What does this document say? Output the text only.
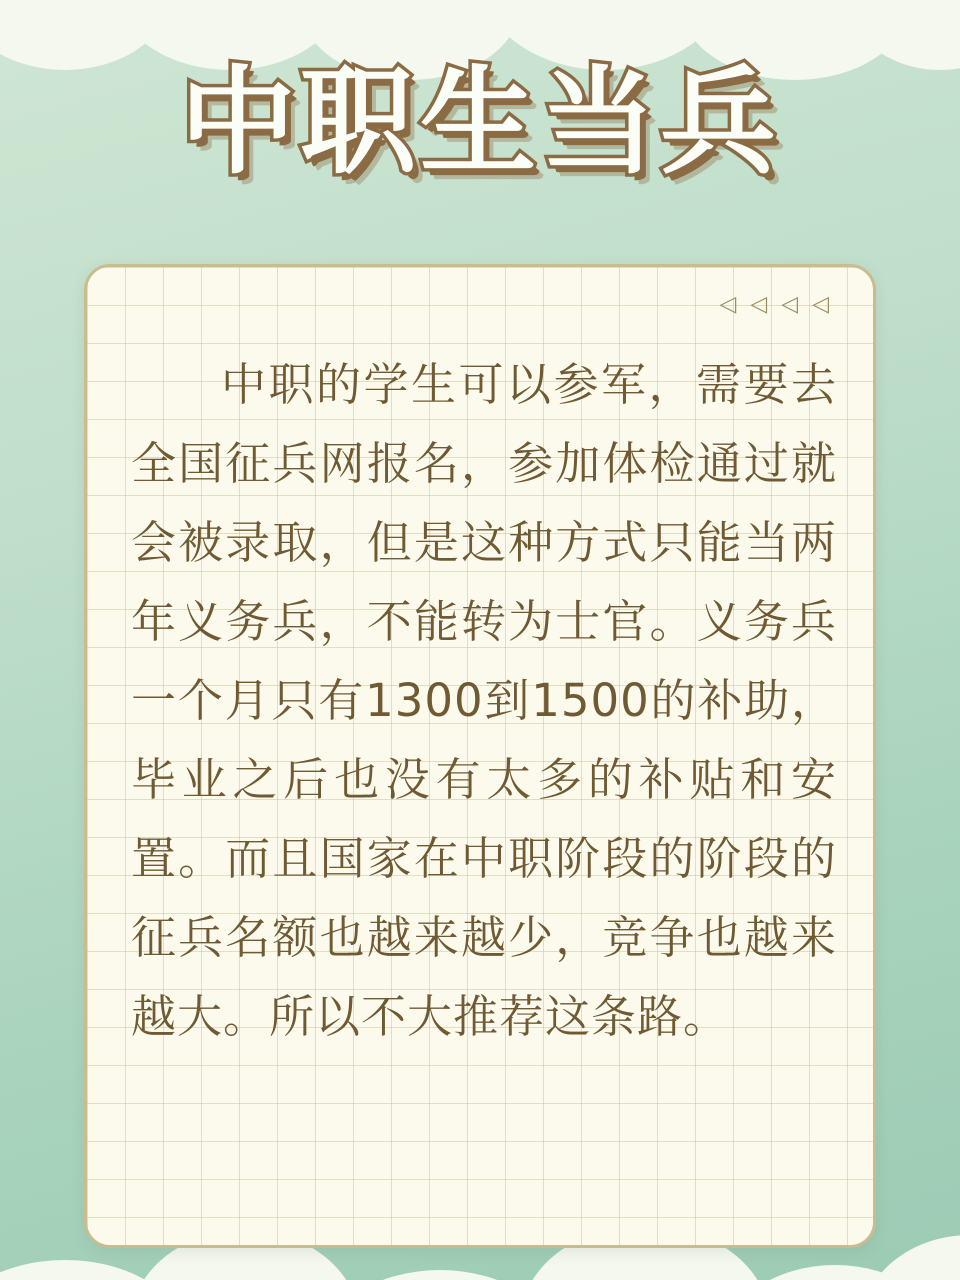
中职生当兵
◁ ◁ ◁ ◁
中职的学生可以参军，需要去全国征兵网报名，参加体检通过就会被录取，但是这种方式只能当两年义务兵，不能转为士官。义务兵一个月只有1300到1500的补助，毕业之后也没有太多的补贴和安置。而且国家在中职阶段的阶段的征兵名额也越来越少，竞争也越来越大。所以不大推荐这条路。
